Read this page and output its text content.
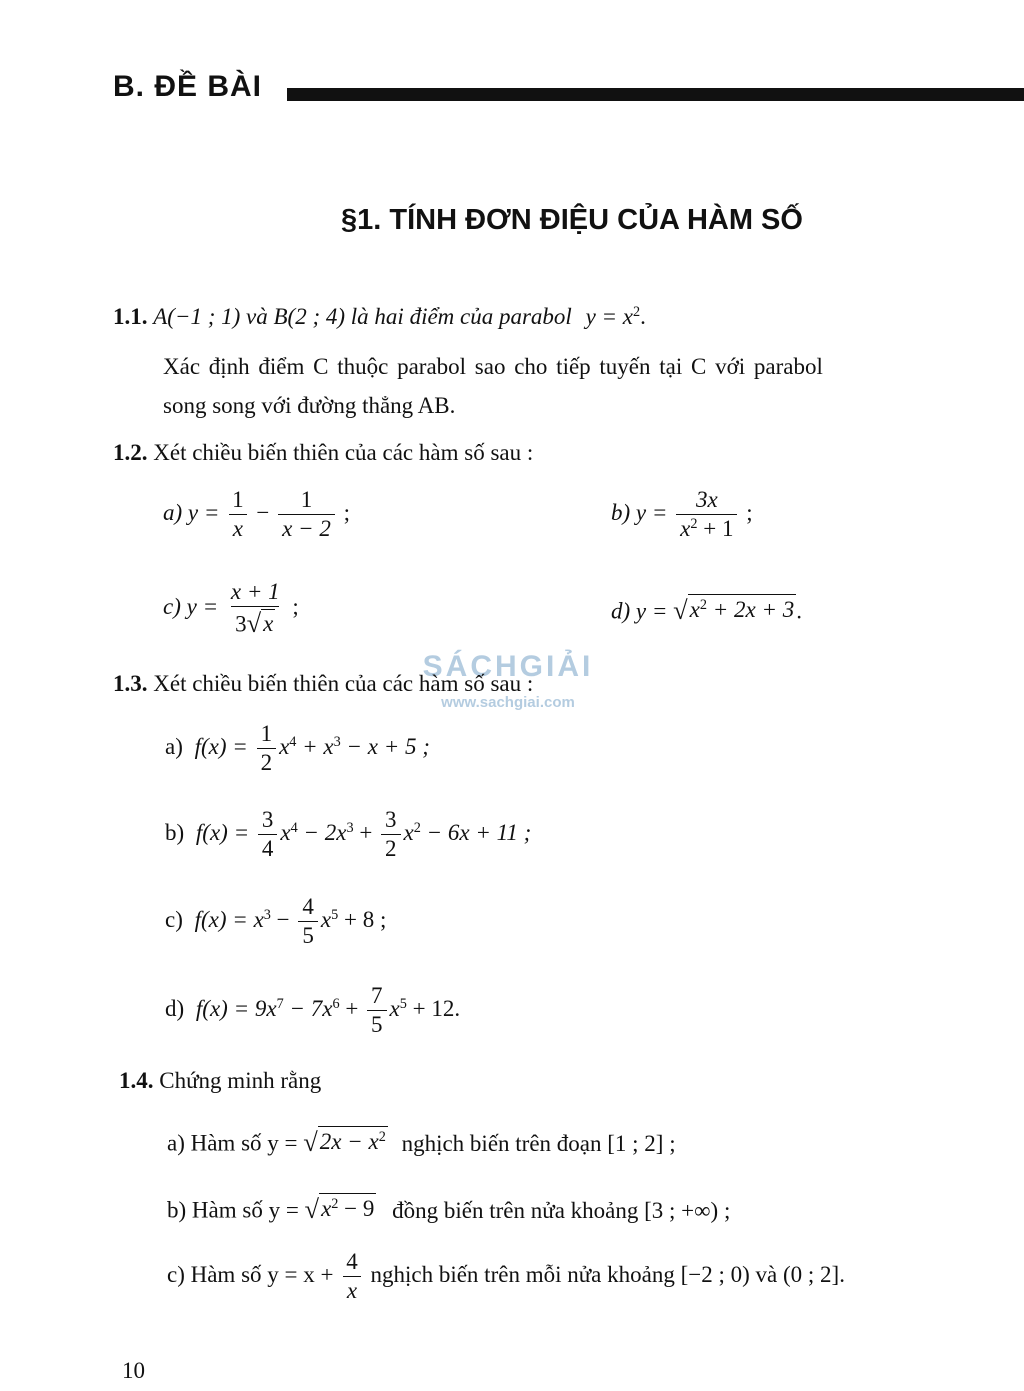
B. ĐỀ BÀI
§1. TÍNH ĐƠN ĐIỆU CỦA HÀM SỐ
1.1. A(−1 ; 1) và B(2 ; 4) là hai điểm của parabol $y = x^2$.
Xác định điểm C thuộc parabol sao cho tiếp tuyến tại C với parabol
song song với đường thẳng AB.
1.2. Xét chiều biến thiên của các hàm số sau :
a) $y = \frac{1}{x} - \frac{1}{x - 2}$ ;	b) $y = \frac{3x}{x^2 + 1}$ ;
c) $y = \frac{x + 1}{3 √ x}$ ;	d) y = √ $x^2 + 2x + 3$ .
SÁCHGIẢI
www.sachgiai.com
1.3. Xét chiều biến thiên của các hàm số sau :
a) $f(x) = \frac{1}{2} x^4 + x^3 - x + 5$ ;
b) $f(x) = \frac{3}{4} x^4 - 2x^3 + \frac{3}{2} x^2 - 6x + 11$ ;
c) $f(x) = x^3 - \frac{4}{5} x^5 + 8$ ;
d) $f(x) = 9x^7 - 7x^6 + \frac{7}{5} x^5 + 12$.
1.4. Chứng minh rằng
a) Hàm số y = √ $2x - x^2$ nghịch biến trên đoạn [1 ; 2] ;
b) Hàm số y = √ $x^2 - 9$ đồng biến trên nửa khoảng [3 ; +∞) ;
c) Hàm số $y = x + \frac{4}{x}$ nghịch biến trên mỗi nửa khoảng [−2 ; 0) và (0 ; 2].
10
